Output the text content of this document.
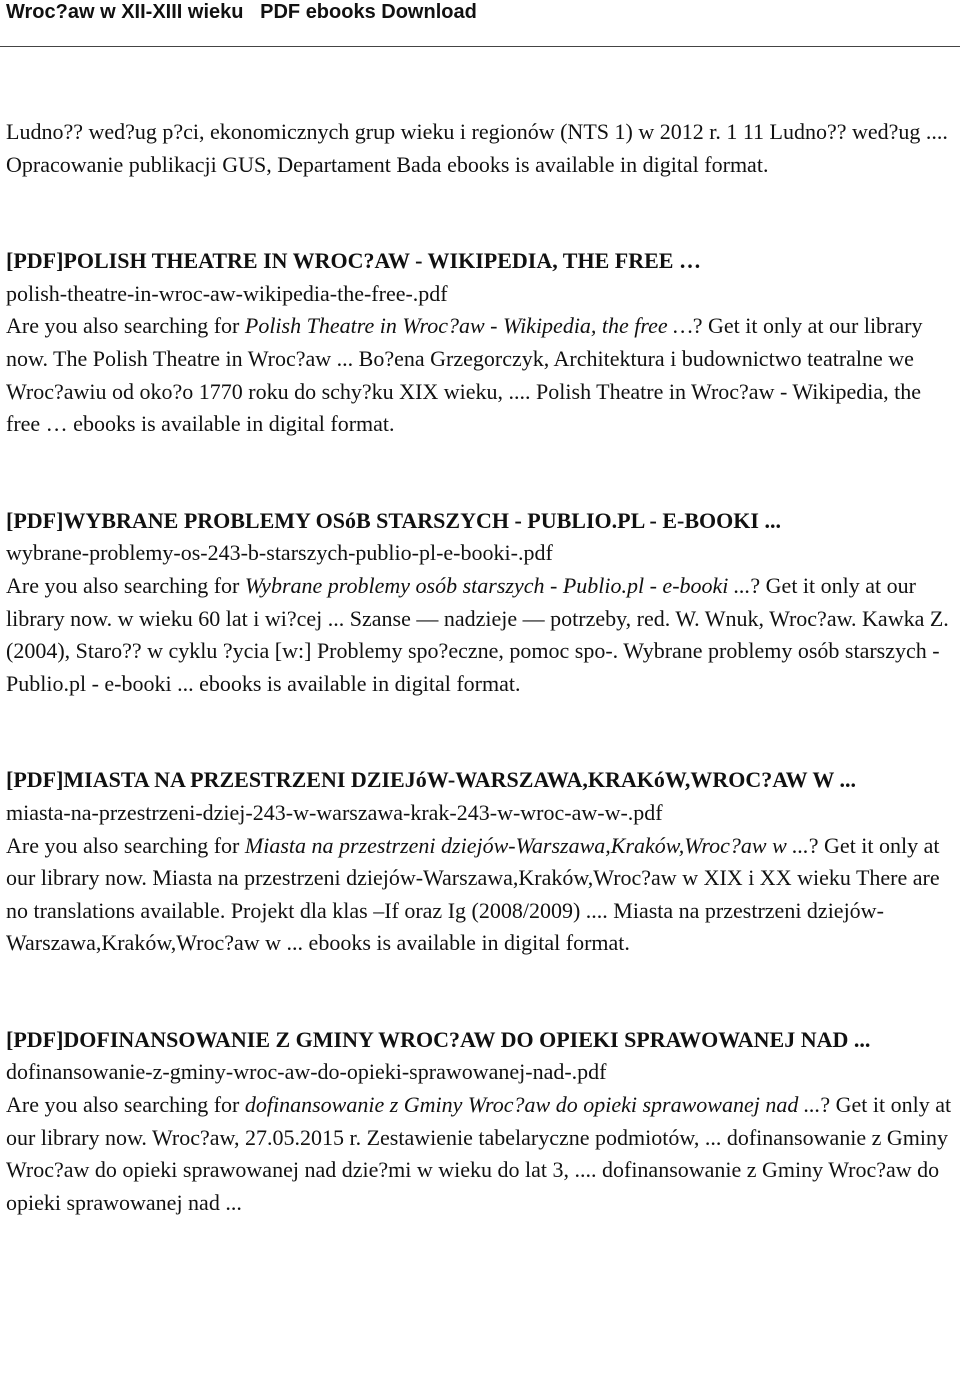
Wroc?aw w XII-XIII wieku   PDF ebooks Download

Ludno?? wed?ug p?ci, ekonomicznych grup wieku i regionów (NTS 1) w 2012 r. 1 11 Ludno?? wed?ug .... Opracowanie publikacji GUS, Departament Bada ebooks is available in digital format.

[PDF]POLISH THEATRE IN WROC?AW - WIKIPEDIA, THE FREE …

polish-theatre-in-wroc-aw-wikipedia-the-free-.pdf

Are you also searching for Polish Theatre in Wroc?aw - Wikipedia, the free …? Get it only at our library now. The Polish Theatre in Wroc?aw ... Bo?ena Grzegorczyk, Architektura i budownictwo teatralne we Wroc?awiu od oko?o 1770 roku do schy?ku XIX wieku, .... Polish Theatre in Wroc?aw - Wikipedia, the free … ebooks is available in digital format.

[PDF]WYBRANE PROBLEMY OSóB STARSZYCH - PUBLIO.PL - E-BOOKI ...

wybrane-problemy-os-243-b-starszych-publio-pl-e-booki-.pdf

Are you also searching for Wybrane problemy osób starszych - Publio.pl - e-booki ...? Get it only at our library now. w wieku 60 lat i wi?cej ... Szanse — nadzieje — potrzeby, red. W. Wnuk, Wroc?aw. Kawka Z. (2004), Staro?? w cyklu ?ycia [w:] Problemy spo?eczne, pomoc spo-. Wybrane problemy osób starszych - Publio.pl - e-booki ... ebooks is available in digital format.

[PDF]MIASTA NA PRZESTRZENI DZIEJóW-WARSZAWA,KRAKóW,WROC?AW W ...

miasta-na-przestrzeni-dziej-243-w-warszawa-krak-243-w-wroc-aw-w-.pdf

Are you also searching for Miasta na przestrzeni dziejów-Warszawa,Kraków,Wroc?aw w ...? Get it only at our library now. Miasta na przestrzeni dziejów-Warszawa,Kraków,Wroc?aw w XIX i XX wieku There are no translations available. Projekt dla klas –If oraz Ig (2008/2009) .... Miasta na przestrzeni dziejów-Warszawa,Kraków,Wroc?aw w ... ebooks is available in digital format.

[PDF]DOFINANSOWANIE Z GMINY WROC?AW DO OPIEKI SPRAWOWANEJ NAD ...

dofinansowanie-z-gminy-wroc-aw-do-opieki-sprawowanej-nad-.pdf

Are you also searching for dofinansowanie z Gminy Wroc?aw do opieki sprawowanej nad ...? Get it only at our library now. Wroc?aw, 27.05.2015 r. Zestawienie tabelaryczne podmiotów, ... dofinansowanie z Gminy Wroc?aw do opieki sprawowanej nad dzie?mi w wieku do lat 3, .... dofinansowanie z Gminy Wroc?aw do opieki sprawowanej nad ...
